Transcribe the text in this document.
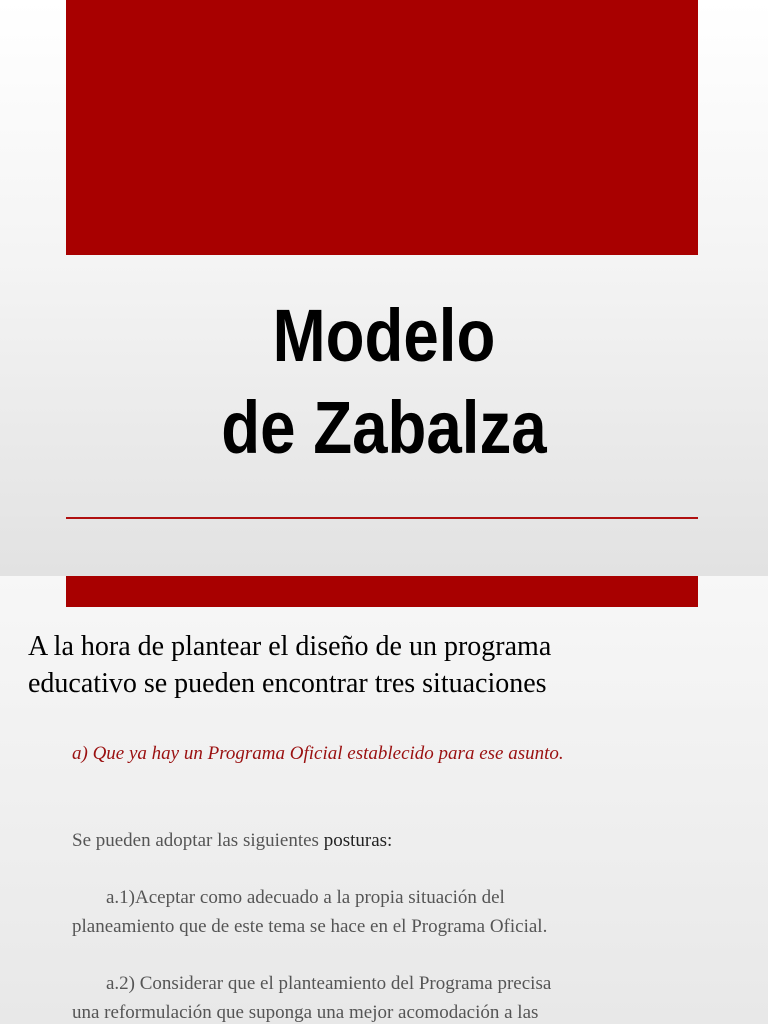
Modelo
de Zabalza
A la hora de plantear el diseño de un programa
educativo se pueden encontrar tres situaciones
a) Que ya hay un Programa Oficial establecido para ese asunto.
Se pueden adoptar las siguientes posturas:
a.1)Aceptar como adecuado a la propia situación del
planeamiento que de este tema se hace en el Programa Oficial.
a.2) Considerar que el planteamiento del Programa precisa
una reformulación que suponga una mejor acomodación a las
